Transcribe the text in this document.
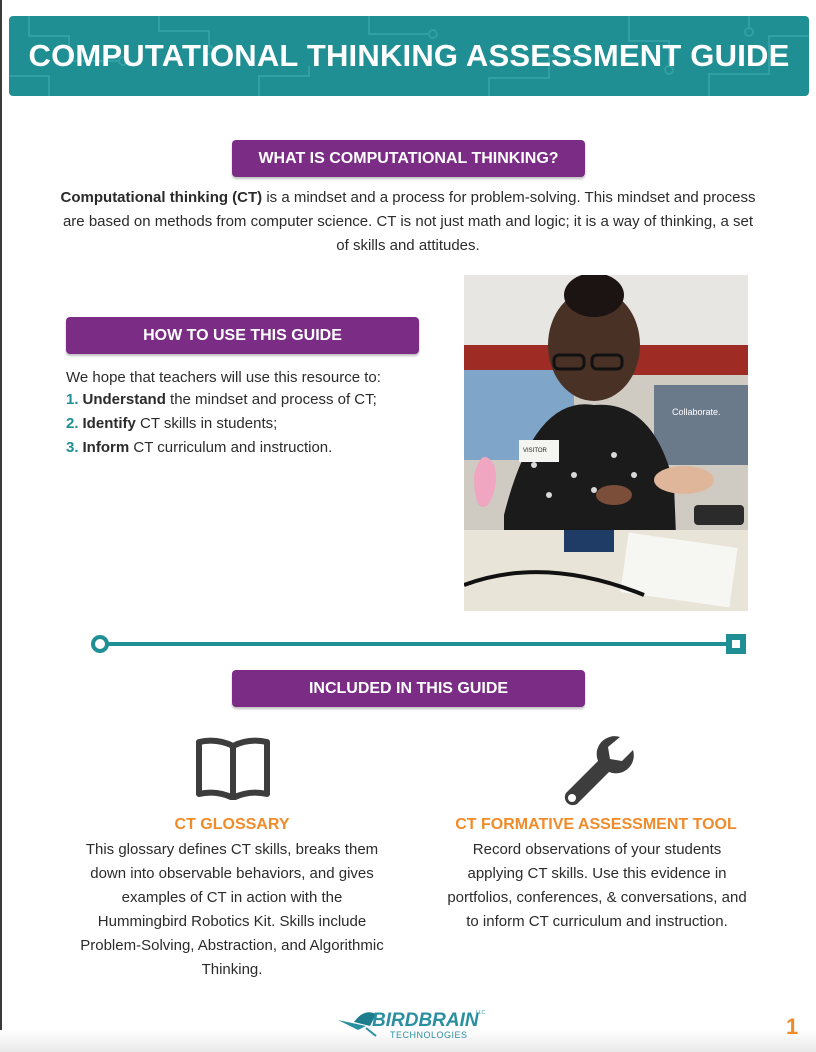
COMPUTATIONAL THINKING ASSESSMENT GUIDE
WHAT IS COMPUTATIONAL THINKING?
Computational thinking (CT) is a mindset and a process for problem-solving. This mindset and process are based on methods from computer science. CT is not just math and logic; it is a way of thinking, a set of skills and attitudes.
HOW TO USE THIS GUIDE
We hope that teachers will use this resource to:
1. Understand the mindset and process of CT;
2. Identify CT skills in students;
3. Inform CT curriculum and instruction.
Collaborate.
VISITOR
INCLUDED IN THIS GUIDE
CT GLOSSARY
This glossary defines CT skills, breaks them down into observable behaviors, and gives examples of CT in action with the Hummingbird Robotics Kit. Skills include Problem-Solving, Abstraction, and Algorithmic Thinking.
CT FORMATIVE ASSESSMENT TOOL
Record observations of your students applying CT skills. Use this evidence in portfolios, conferences, & conversations, and to inform CT curriculum and instruction.
BIRDBRAIN
TECHNOLOGIES
LLC
1
